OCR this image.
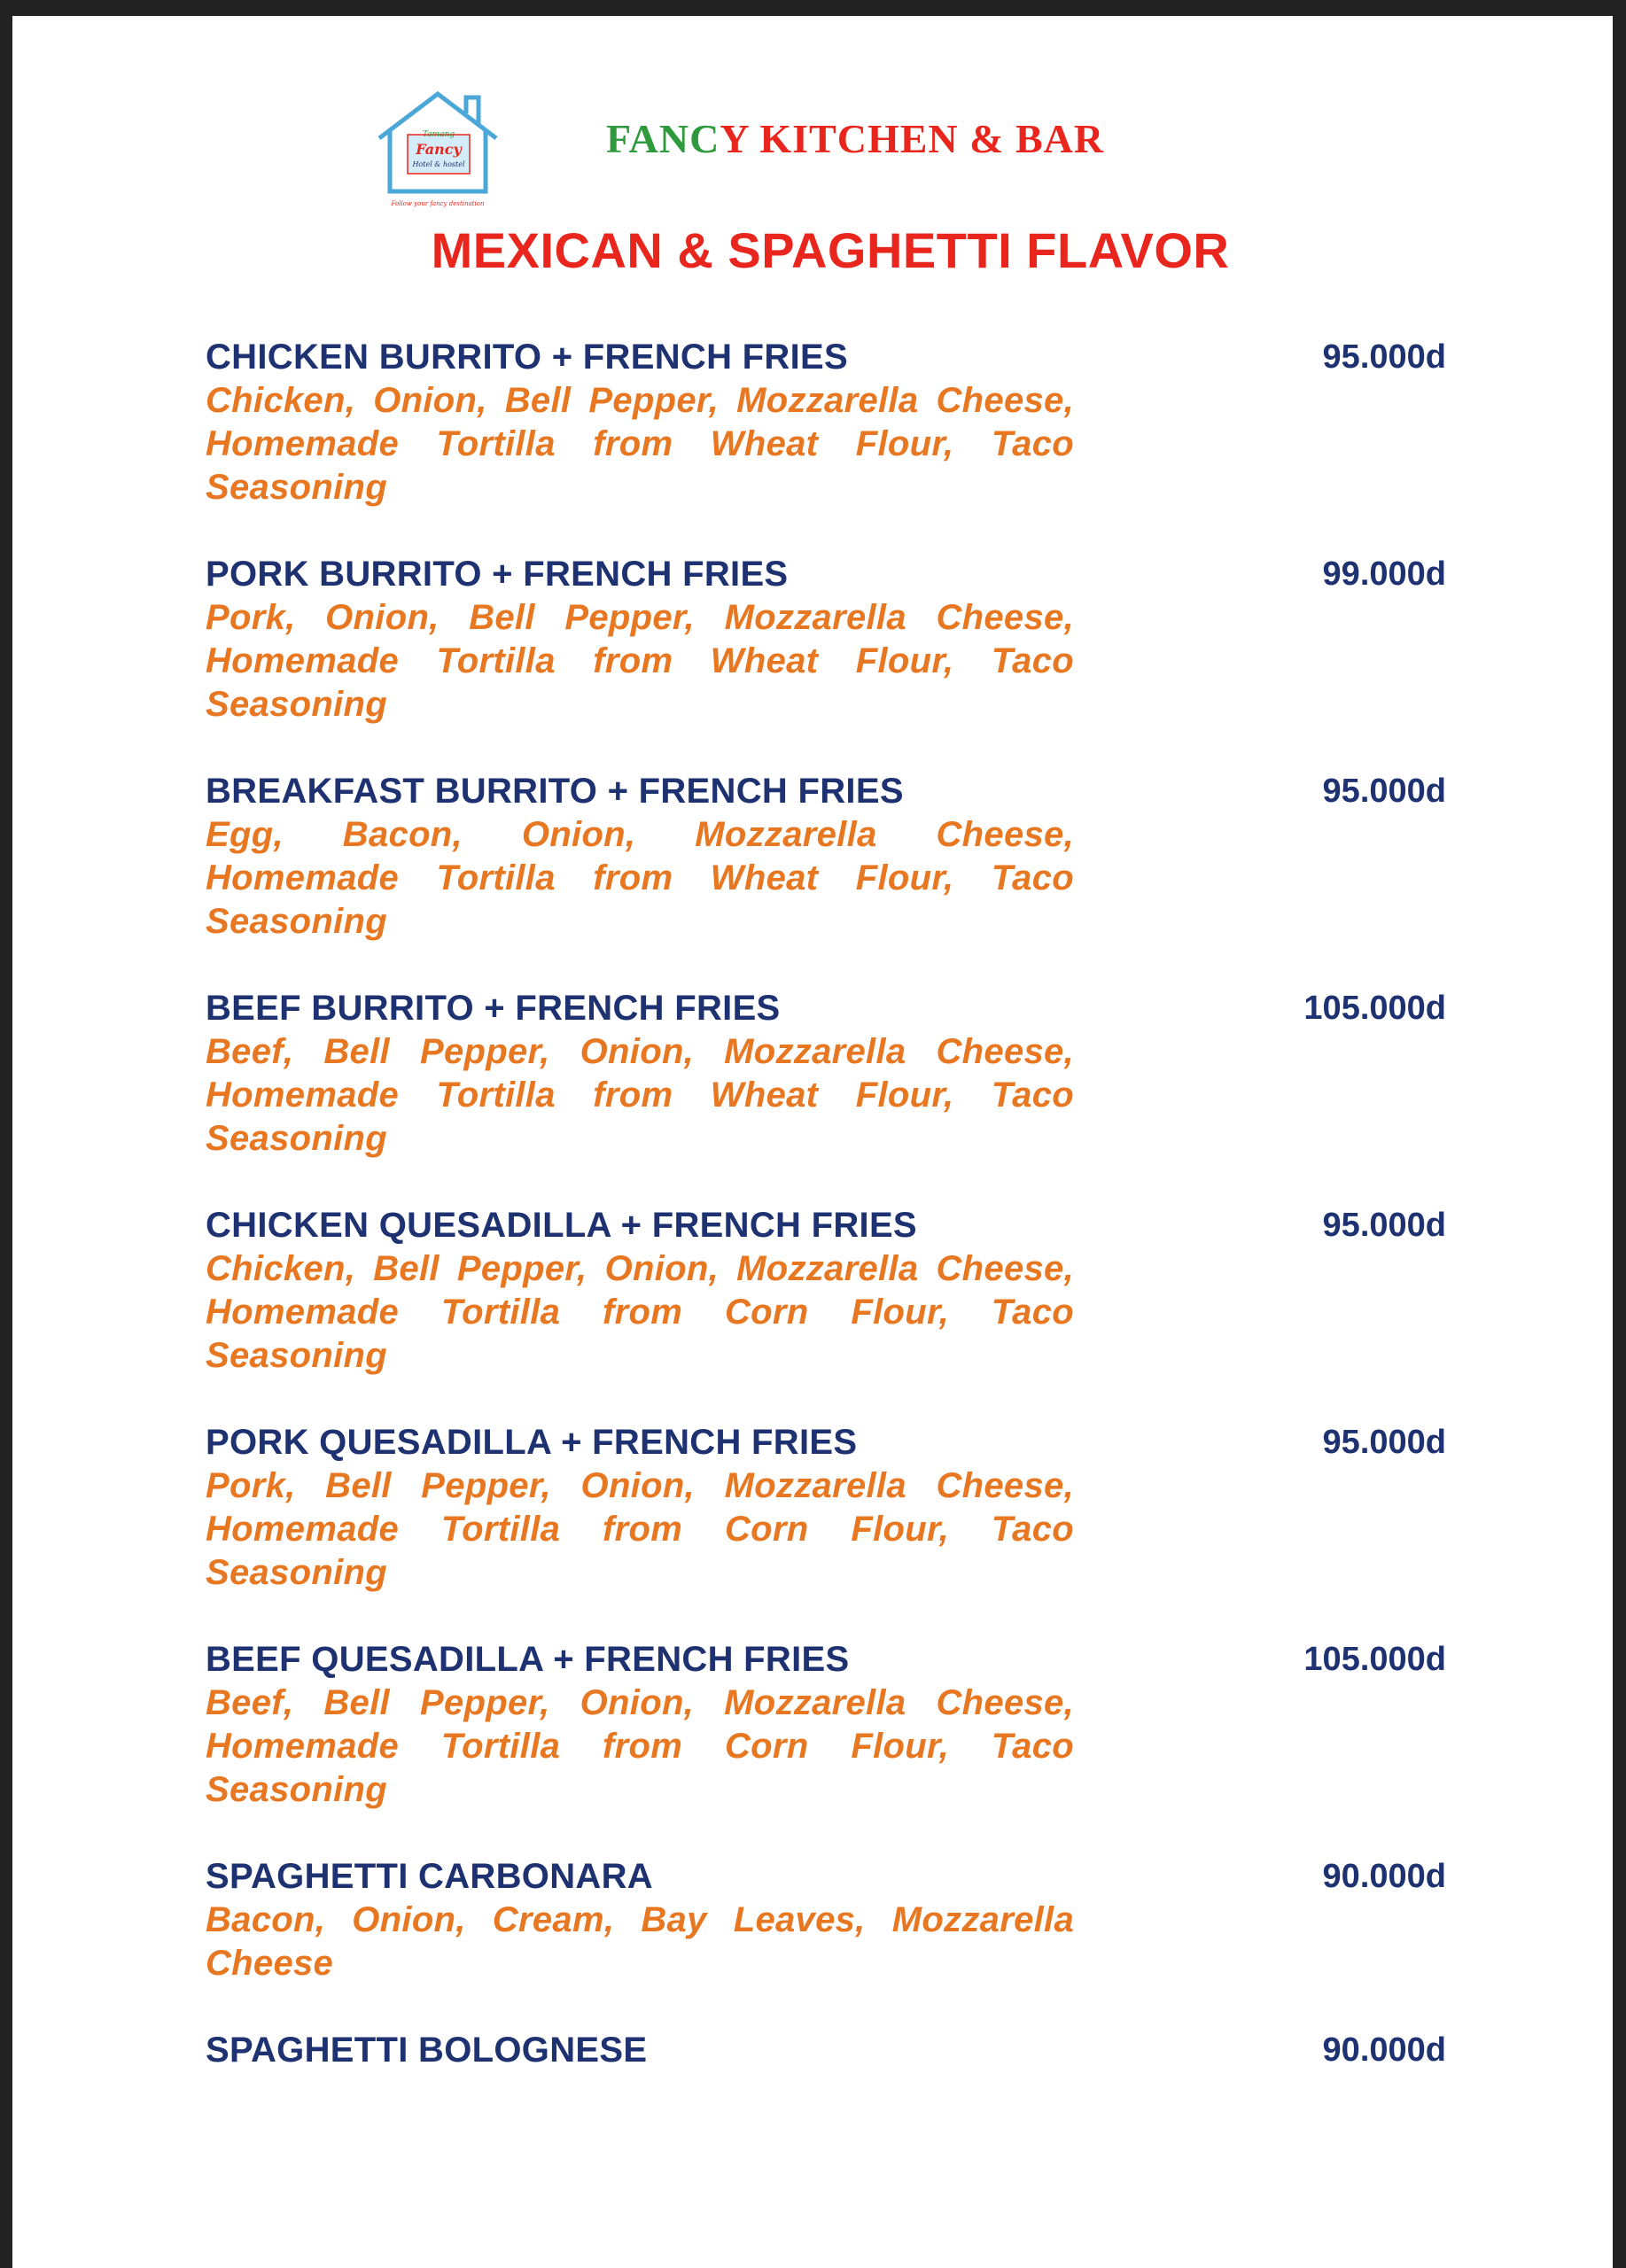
Tamang
Fancy
Hotel & hostel
Follow your fancy destination
FANCY KITCHEN & BAR
MEXICAN & SPAGHETTI FLAVOR
CHICKEN BURRITO + FRENCH FRIES	95.000d
Chicken, Onion, Bell Pepper, Mozzarella Cheese, Homemade Tortilla from Wheat Flour, Taco Seasoning
PORK BURRITO + FRENCH FRIES	99.000d
Pork, Onion, Bell Pepper, Mozzarella Cheese, Homemade Tortilla from Wheat Flour, Taco Seasoning
BREAKFAST BURRITO + FRENCH FRIES	95.000d
Egg, Bacon, Onion, Mozzarella Cheese, Homemade Tortilla from Wheat Flour, Taco Seasoning
BEEF BURRITO + FRENCH FRIES	105.000d
Beef, Bell Pepper, Onion, Mozzarella Cheese, Homemade Tortilla from Wheat Flour, Taco Seasoning
CHICKEN QUESADILLA + FRENCH FRIES	95.000d
Chicken, Bell Pepper, Onion, Mozzarella Cheese, Homemade Tortilla from Corn Flour, Taco Seasoning
PORK QUESADILLA + FRENCH FRIES	95.000d
Pork, Bell Pepper, Onion, Mozzarella Cheese, Homemade Tortilla from Corn Flour, Taco Seasoning
BEEF QUESADILLA + FRENCH FRIES	105.000d
Beef, Bell Pepper, Onion, Mozzarella Cheese, Homemade Tortilla from Corn Flour, Taco Seasoning
SPAGHETTI CARBONARA	90.000d
Bacon, Onion, Cream, Bay Leaves, Mozzarella Cheese
SPAGHETTI BOLOGNESE	90.000d
